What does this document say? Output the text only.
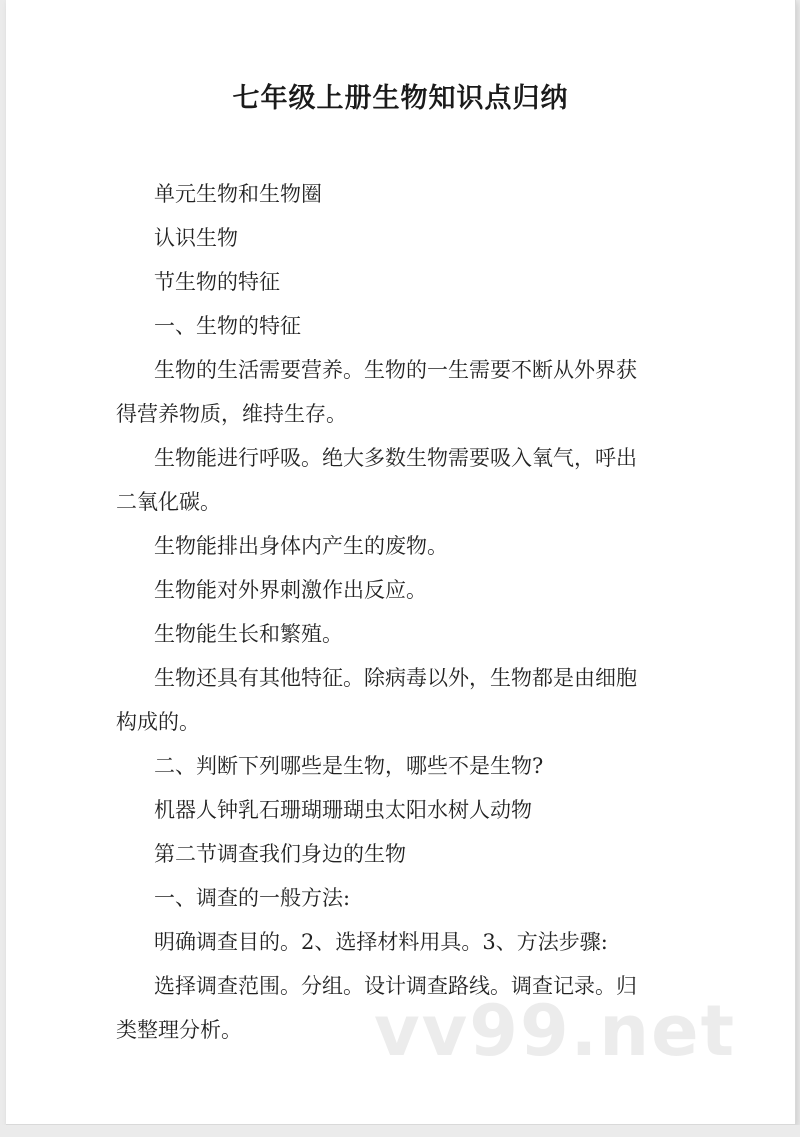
七年级上册生物知识点归纳
单元生物和生物圈
认识生物
节生物的特征
一、生物的特征
生物的生活需要营养。生物的一生需要不断从外界获
得营养物质，维持生存。
生物能进行呼吸。绝大多数生物需要吸入氧气，呼出
二氧化碳。
生物能排出身体内产生的废物。
生物能对外界刺激作出反应。
生物能生长和繁殖。
生物还具有其他特征。除病毒以外，生物都是由细胞
构成的。
二、判断下列哪些是生物，哪些不是生物?
机器人钟乳石珊瑚珊瑚虫太阳水树人动物
第二节调查我们身边的生物
一、调查的一般方法:
明确调查目的。2、选择材料用具。3、方法步骤:
选择调查范围。分组。设计调查路线。调查记录。归
类整理分析。	vv99.net
